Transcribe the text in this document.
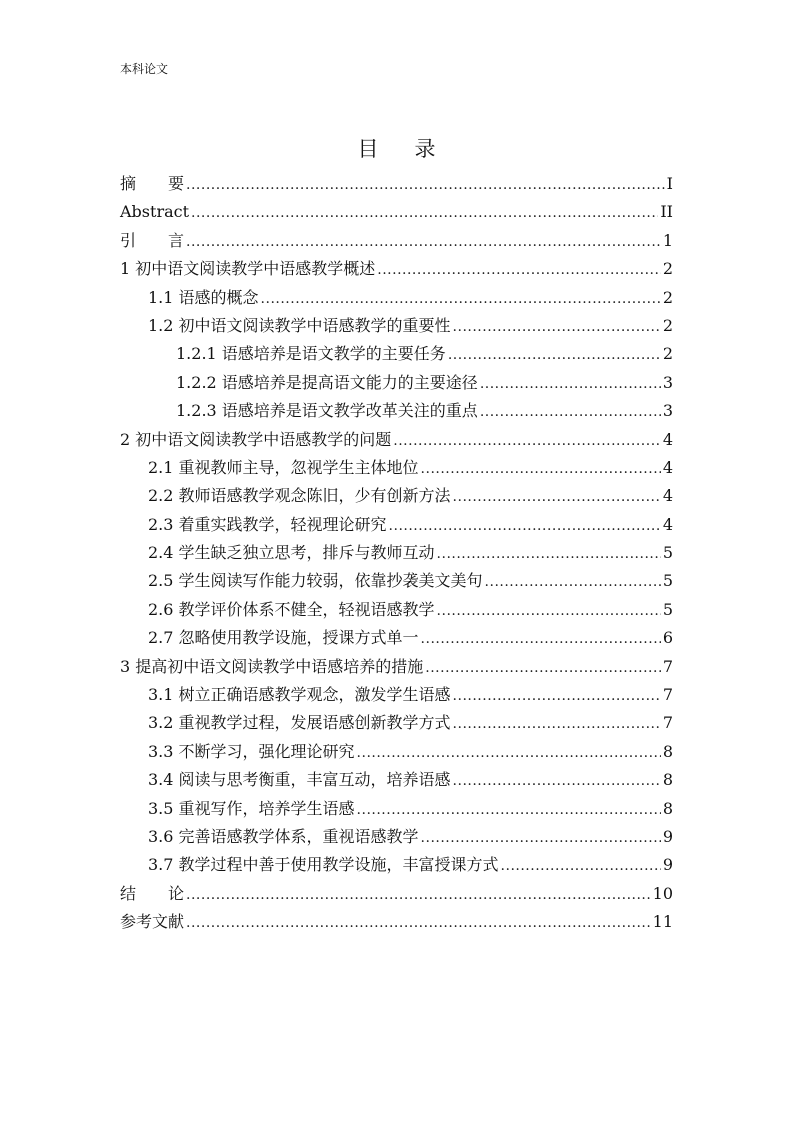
本科论文
目 录
摘　　要 .....	I
Abstract .....	II
引　　言 .....	1
1 初中语文阅读教学中语感教学概述 .....	2
1.1 语感的概念 .....	2
1.2 初中语文阅读教学中语感教学的重要性 .....	2
1.2.1 语感培养是语文教学的主要任务 .....	2
1.2.2 语感培养是提高语文能力的主要途径 .....	3
1.2.3 语感培养是语文教学改革关注的重点 .....	3
2 初中语文阅读教学中语感教学的问题 .....	4
2.1 重视教师主导，忽视学生主体地位 .....	4
2.2 教师语感教学观念陈旧，少有创新方法 .....	4
2.3 着重实践教学，轻视理论研究 .....	4
2.4 学生缺乏独立思考，排斥与教师互动 .....	5
2.5 学生阅读写作能力较弱，依靠抄袭美文美句 .....	5
2.6 教学评价体系不健全，轻视语感教学 .....	5
2.7 忽略使用教学设施，授课方式单一 .....	6
3 提高初中语文阅读教学中语感培养的措施 .....	7
3.1 树立正确语感教学观念，激发学生语感 .....	7
3.2 重视教学过程，发展语感创新教学方式 .....	7
3.3 不断学习，强化理论研究 .....	8
3.4 阅读与思考衡重，丰富互动，培养语感 .....	8
3.5 重视写作，培养学生语感 .....	8
3.6 完善语感教学体系，重视语感教学 .....	9
3.7 教学过程中善于使用教学设施，丰富授课方式 .....	9
结　　论 .....	10
参考文献 .....	11
